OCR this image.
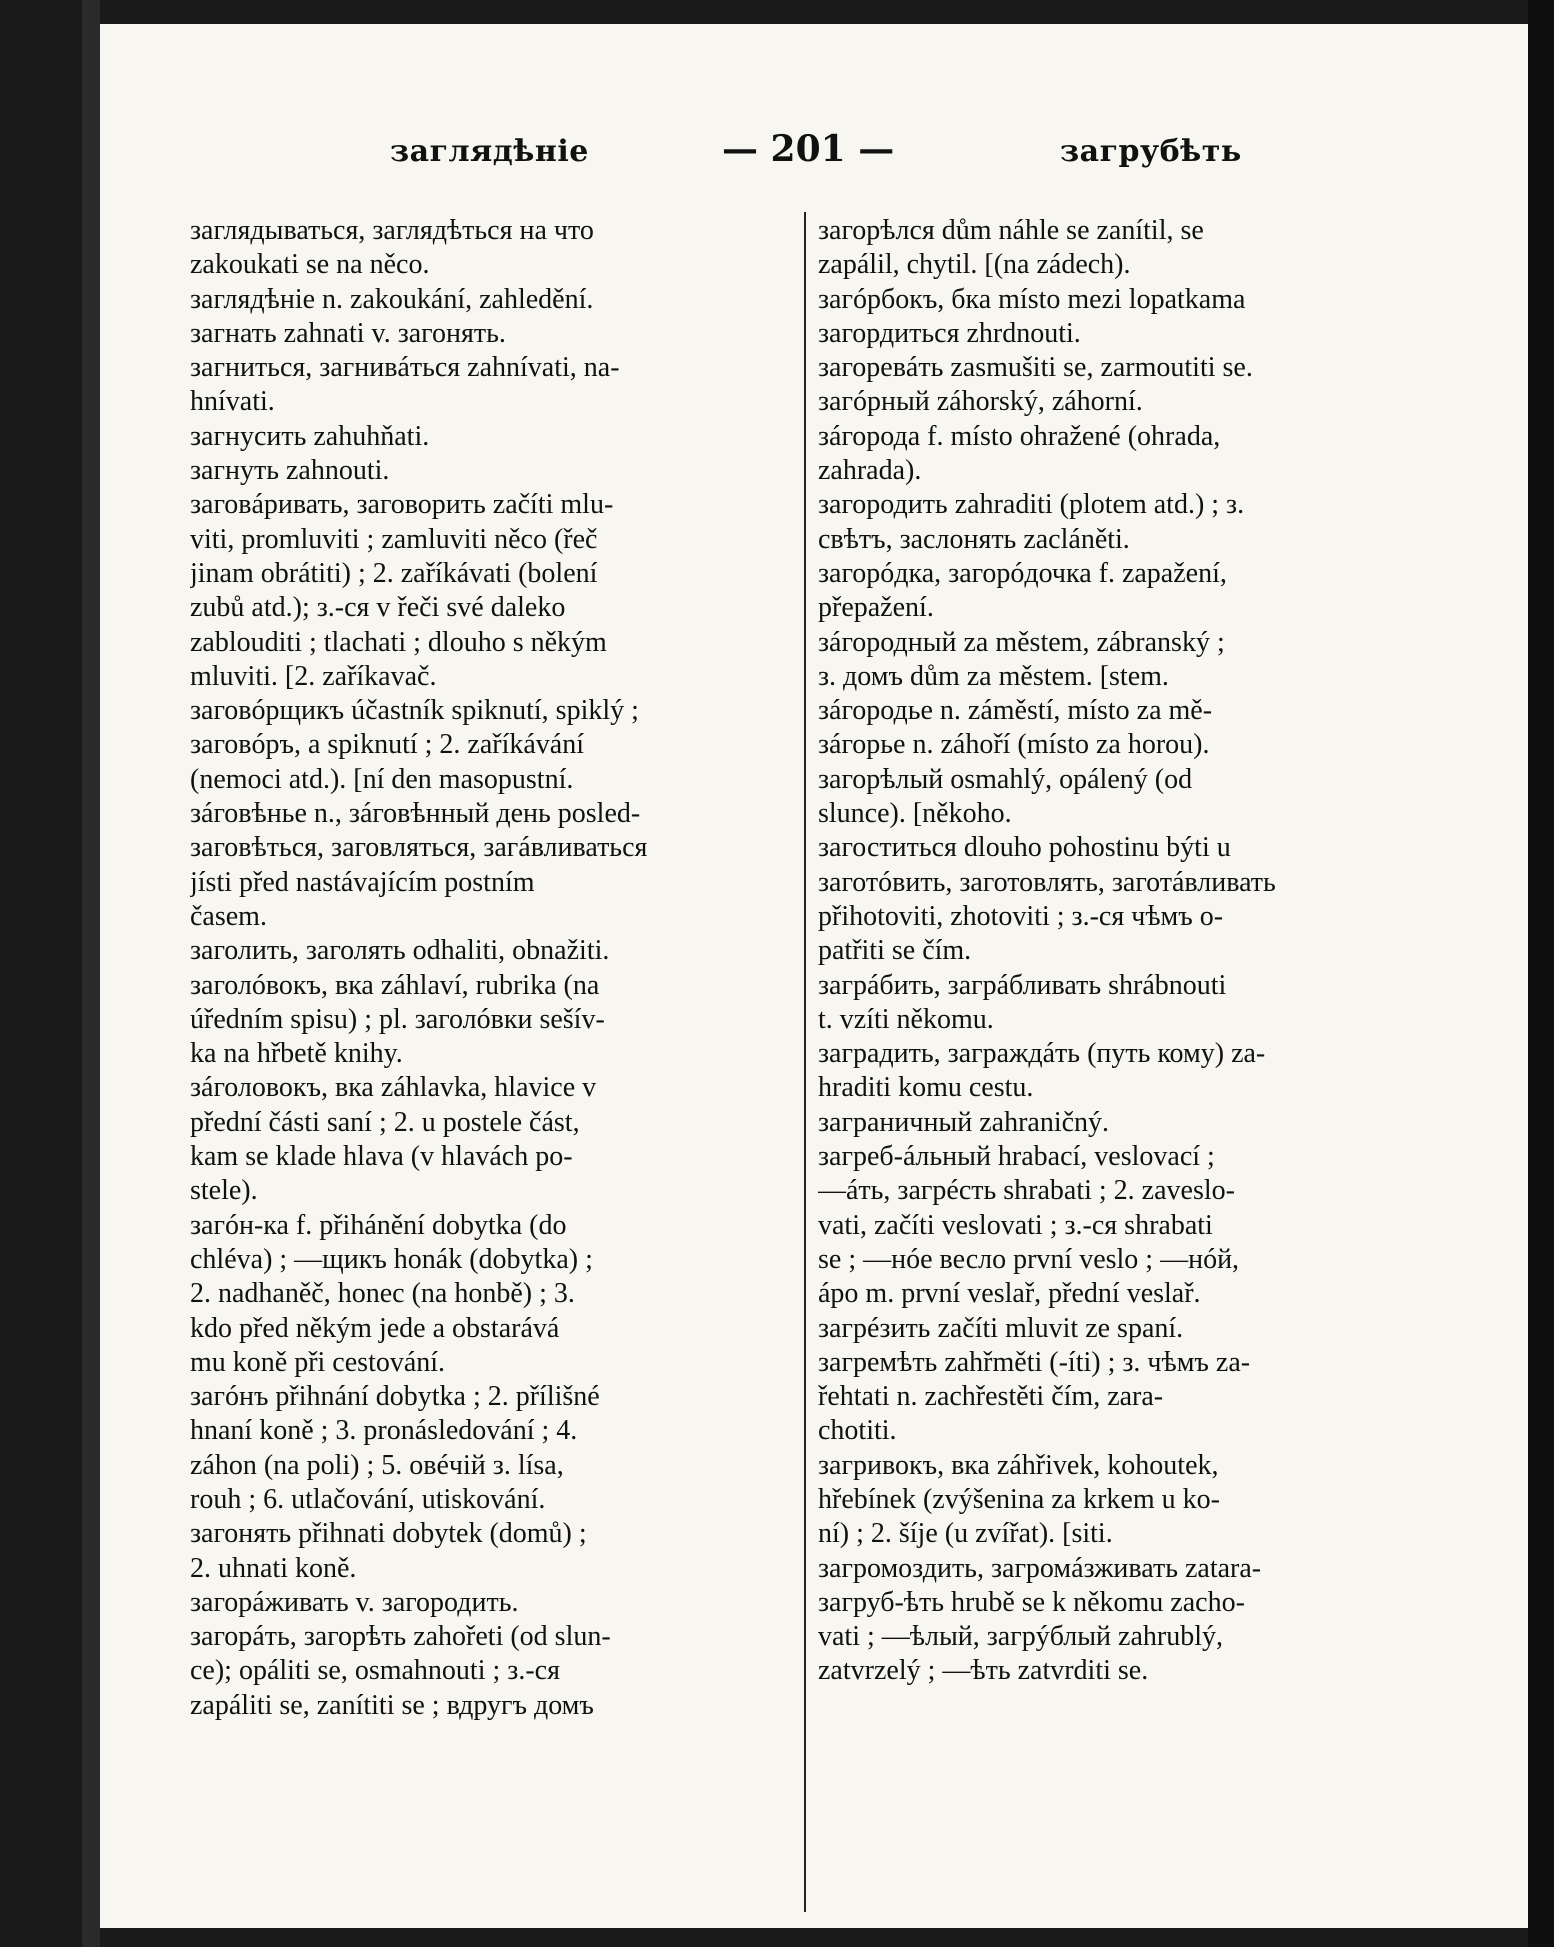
заглядѣніе	— 201 —	загрубѣть
заглядываться, заглядѣться на что
zakoukati se na něco.
заглядѣніе n. zakoukání, zahledění.
загнать zahnati v. загонять.
загниться, загнивáться zahnívati, na-
hnívati.
загнусить zahuhňati.
загнуть zahnouti.
заговáривать, заговорить začíti mlu-
viti, promluviti ; zamluviti něco (řeč
jinam obrátiti) ; 2. zaříkávati (bolení
zubů atd.); з.-ся v řeči své daleko
zablouditi ; tlachati ; dlouho s někým
mluviti. [2. zaříkavač.
заговóрщикъ účastník spiknutí, spiklý ;
заговóръ, a spiknutí ; 2. zaříkávání
(nemoci atd.). [ní den masopustní.
зáговѣнье n., зáговѣнный день posled-
заговѣться, заговляться, загáвливаться
jísti před nastávajícím postním
časem.
заголить, заголять odhaliti, obnažiti.
заголóвокъ, вка záhlaví, rubrika (na
úředním spisu) ; pl. заголóвки sešív-
ka na hřbetě knihy.
зáголовокъ, вка záhlavka, hlavice v
přední části saní ; 2. u postele část,
kam se klade hlava (v hlavách po-
stele).
загóн-ка f. přihánění dobytka (do
chléva) ; —щикъ honák (dobytka) ;
2. nadhaněč, honec (na honbě) ; 3.
kdo před někým jede a obstarává
mu koně při cestování.
загóнъ přihnání dobytka ; 2. přílišné
hnaní koně ; 3. pronásledování ; 4.
záhon (na poli) ; 5. овéчій з. lísa,
rouh ; 6. utlačování, utiskování.
загонять přihnati dobytek (domů) ;
2. uhnati koně.
загорáживать v. загородить.
загорáть, загорѣть zahořeti (od slun-
ce); opáliti se, osmahnouti ; з.-ся
zapáliti se, zanítiti se ; вдругъ домъ
загорѣлся dům náhle se zanítil, se
zapálil, chytil. [(na zádech).
загóрбокъ, бка místo mezi lopatkama
загордиться zhrdnouti.
загорeвáть zasmušiti se, zarmoutiti se.
загóрный záhorský, záhorní.
зáгорода f. místo ohražené (ohrada,
zahrada).
загородить zahraditi (plotem atd.) ; з.
свѣтъ, заслонять zacláněti.
загорóдка, загорóдочка f. zapažení,
přepažení.
зáгородный za městem, zábranský ;
з. домъ dům za městem. [stem.
зáгородье n. záměstí, místo za mě-
зáгорье n. záhoří (místo za horou).
загорѣлый osmahlý, opálený (od
slunce). [někoho.
загоститься dlouho pohostinu býti u
заготóвить, заготовлять, заготáвливать
přihotoviti, zhotoviti ; з.-ся чѣмъ o-
patřiti se čím.
загрáбить, загрáбливать shrábnouti
t. vzíti někomu.
заградить, заграждáть (путь кому) za-
hraditi komu cestu.
заграничный zahraničný.
загреб-áльный hrabací, veslovací ;
—áть, загрéсть shrabati ; 2. zaveslo-
vati, začíti veslovati ; з.-ся shrabati
se ; —нóе весло první veslo ; —нóй,
áро m. první veslař, přední veslař.
загрéзить začíti mluvit ze spaní.
загремѣть zahřměti (-íti) ; з. чѣмъ za-
řehtati n. zachřestěti čím, zara-
chotiti.
загривокъ, вка záhřivek, kohoutek,
hřebínek (zvýšenina za krkem u ko-
ní) ; 2. šíje (u zvířat). [siti.
загромоздить, загромáзживать zatara-
загруб-ѣть hrubě se k někomu zacho-
vati ; —ѣлый, загрýблый zahrublý,
zatvrzelý ; —ѣть zatvrditi se.
